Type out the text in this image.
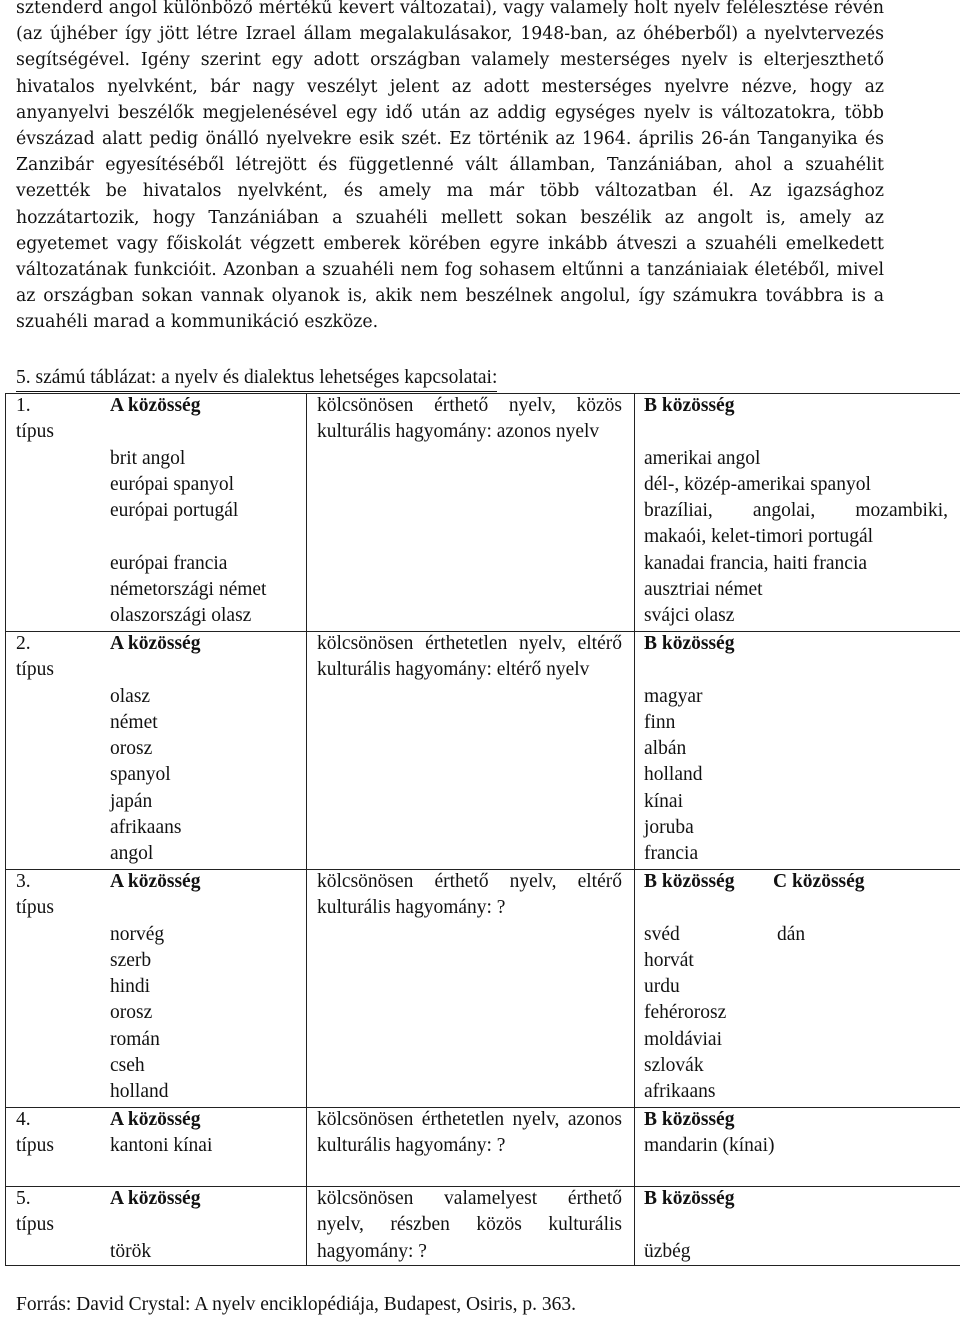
sztenderd angol különböző mértékű kevert változatai), vagy valamely holt nyelv felélesztése révén (az újhéber így jött létre Izrael állam megalakulásakor, 1948-ban, az óhéberből) a nyelvtervezés segítségével. Igény szerint egy adott országban valamely mesterséges nyelv is elterjeszthető hivatalos nyelvként, bár nagy veszélyt jelent az adott mesterséges nyelvre nézve, hogy az anyanyelvi beszélők megjelenésével egy idő után az addig egységes nyelv is változatokra, több évszázad alatt pedig önálló nyelvekre esik szét. Ez történik az 1964. április 26-án Tanganyika és Zanzibár egyesítéséből létrejött és függetlenné vált államban, Tanzániában, ahol a szuahélit vezették be hivatalos nyelvként, és amely ma már több változatban él. Az igazsághoz hozzátartozik, hogy Tanzániában a szuahéli mellett sokan beszélik az angolt is, amely az egyetemet vagy főiskolát végzett emberek körében egyre inkább átveszi a szuahéli emelkedett változatának funkcióit. Azonban a szuahéli nem fog sohasem eltűnni a tanzániaiak életéből, mivel az országban sokan vannak olyanok is, akik nem beszélnek angolul, így számukra továbbra is a szuahéli marad a kommunikáció eszköze.

5. számú táblázat: a nyelv és dialektus lehetséges kapcsolatai:
1. típus
A közösség
brit angol
európai spanyol
európai portugál
európai francia
németországi német
olaszországi olasz
kölcsönösen érthető nyelv, közös kulturális hagyomány: azonos nyelv
B közösség
amerikai angol
dél-, közép-amerikai spanyol
brazíliai, angolai, mozambiki,
makaói, kelet-timori portugál
kanadai francia, haiti francia
ausztriai német
svájci olasz
2. típus
A közösség
olasz
német
orosz
spanyol
japán
afrikaans
angol
kölcsönösen érthetetlen nyelv, eltérő kulturális hagyomány: eltérő nyelv
B közösség
magyar
finn
albán
holland
kínai
joruba
francia
3. típus
A közösség
norvég
szerb
hindi
orosz
román
cseh
holland
kölcsönösen érthető nyelv, eltérő kulturális hagyomány: ?
B közösség
svéd
horvát
urdu
fehérorosz
moldáviai
szlovák
afrikaans
C közösség
dán
4. típus
A közösség
kantoni kínai
kölcsönösen érthetetlen nyelv, azonos kulturális hagyomány: ?
B közösség
mandarin (kínai)
5. típus
A közösség
török
kölcsönösen valamelyest érthető nyelv, részben közös kulturális hagyomány: ?
B közösség
üzbég
Forrás: David Crystal: A nyelv enciklopédiája, Budapest, Osiris, p. 363.
